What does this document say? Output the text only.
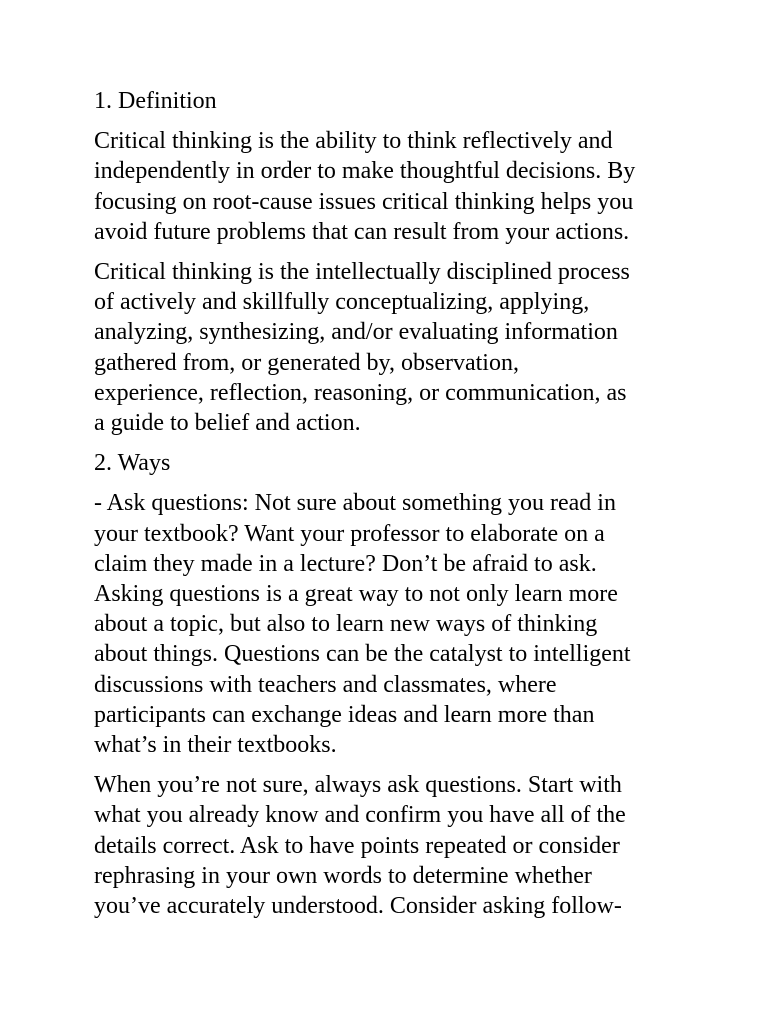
1. Definition
Critical thinking is the ability to think reflectively and
independently in order to make thoughtful decisions. By
focusing on root-cause issues critical thinking helps you
avoid future problems that can result from your actions.
Critical thinking is the intellectually disciplined process
of actively and skillfully conceptualizing, applying,
analyzing, synthesizing, and/or evaluating information
gathered from, or generated by, observation,
experience, reflection, reasoning, or communication, as
a guide to belief and action.
2. Ways
- Ask questions: Not sure about something you read in
your textbook? Want your professor to elaborate on a
claim they made in a lecture? Don’t be afraid to ask.
Asking questions is a great way to not only learn more
about a topic, but also to learn new ways of thinking
about things. Questions can be the catalyst to intelligent
discussions with teachers and classmates, where
participants can exchange ideas and learn more than
what’s in their textbooks.
When you’re not sure, always ask questions. Start with
what you already know and confirm you have all of the
details correct. Ask to have points repeated or consider
rephrasing in your own words to determine whether
you’ve accurately understood. Consider asking follow-
